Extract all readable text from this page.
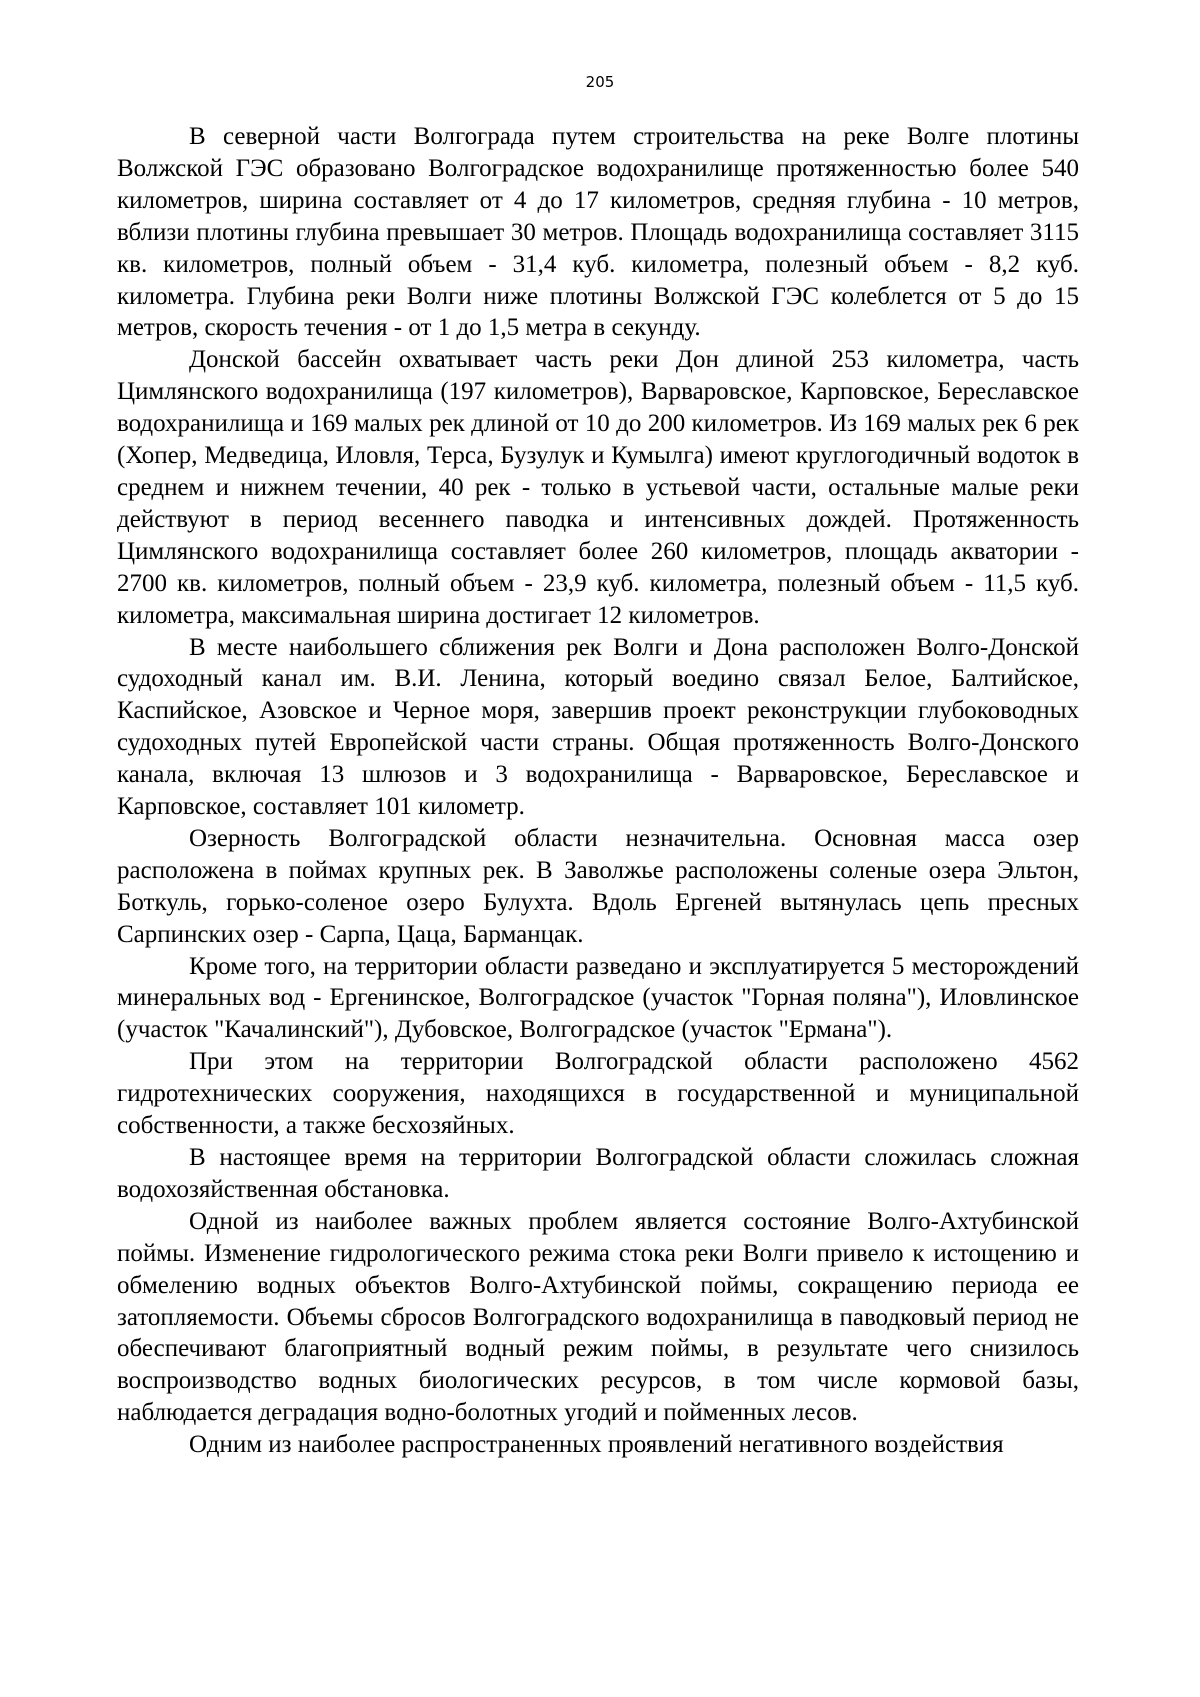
205

В северной части Волгограда путем строительства на реке Волге плотины Волжской ГЭС образовано Волгоградское водохранилище протяженностью более 540 километров, ширина составляет от 4 до 17 километров, средняя глубина - 10 метров, вблизи плотины глубина превышает 30 метров. Площадь водохранилища составляет 3115 кв. километров, полный объем - 31,4 куб. километра, полезный объем - 8,2 куб. километра. Глубина реки Волги ниже плотины Волжской ГЭС колеблется от 5 до 15 метров, скорость течения - от 1 до 1,5 метра в секунду.

Донской бассейн охватывает часть реки Дон длиной 253 километра, часть Цимлянского водохранилища (197 километров), Варваровское, Карповское, Береславское водохранилища и 169 малых рек длиной от 10 до 200 километров. Из 169 малых рек 6 рек (Хопер, Медведица, Иловля, Терса, Бузулук и Кумылга) имеют круглогодичный водоток в среднем и нижнем течении, 40 рек - только в устьевой части, остальные малые реки действуют в период весеннего паводка и интенсивных дождей. Протяженность Цимлянского водохранилища составляет более 260 километров, площадь акватории - 2700 кв. километров, полный объем - 23,9 куб. километра, полезный объем - 11,5 куб. километра, максимальная ширина достигает 12 километров.

В месте наибольшего сближения рек Волги и Дона расположен Волго-Донской судоходный канал им. В.И. Ленина, который воедино связал Белое, Балтийское, Каспийское, Азовское и Черное моря, завершив проект реконструкции глубоководных судоходных путей Европейской части страны. Общая протяженность Волго-Донского канала, включая 13 шлюзов и 3 водохранилища - Варваровское, Береславское и Карповское, составляет 101 километр.

Озерность Волгоградской области незначительна. Основная масса озер расположена в поймах крупных рек. В Заволжье расположены соленые озера Эльтон, Боткуль, горько-соленое озеро Булухта. Вдоль Ергеней вытянулась цепь пресных Сарпинских озер - Сарпа, Цаца, Барманцак.

Кроме того, на территории области разведано и эксплуатируется 5 месторождений минеральных вод - Ергенинское, Волгоградское (участок "Горная поляна"), Иловлинское (участок "Качалинский"), Дубовское, Волгоградское (участок "Ермана").

При этом на территории Волгоградской области расположено 4562 гидротехнических сооружения, находящихся в государственной и муниципальной собственности, а также бесхозяйных.

В настоящее время на территории Волгоградской области сложилась сложная водохозяйственная обстановка.

Одной из наиболее важных проблем является состояние Волго-Ахтубинской поймы. Изменение гидрологического режима стока реки Волги привело к истощению и обмелению водных объектов Волго-Ахтубинской поймы, сокращению периода ее затопляемости. Объемы сбросов Волгоградского водохранилища в паводковый период не обеспечивают благоприятный водный режим поймы, в результате чего снизилось воспроизводство водных биологических ресурсов, в том числе кормовой базы, наблюдается деградация водно-болотных угодий и пойменных лесов.

Одним из наиболее распространенных проявлений негативного воздействия
